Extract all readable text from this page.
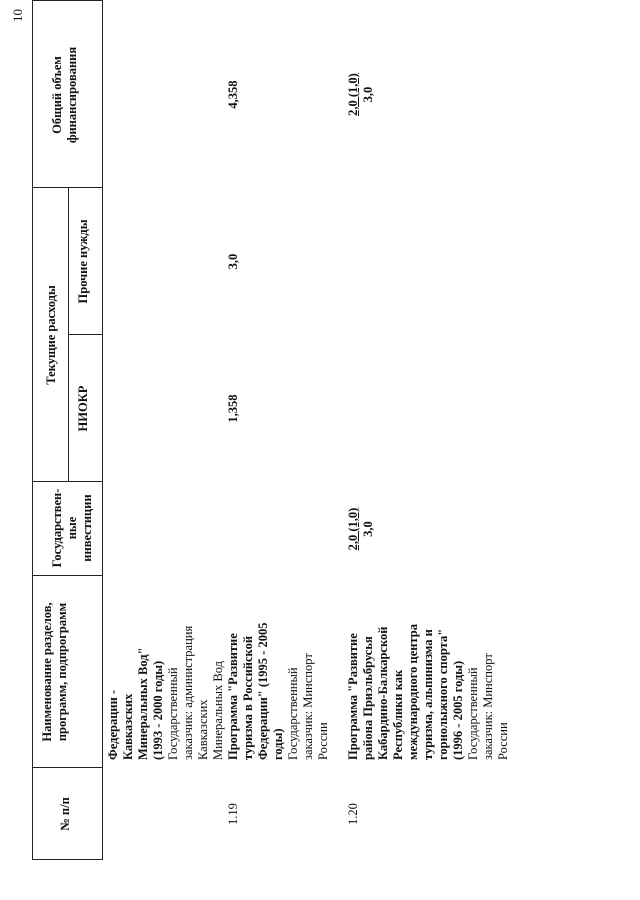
10
№ п/п
Наименование разделов, программ, подпрограмм
Государствен-ные инвестиции
Текущие расходы
НИОКР
Прочие нужды
Общий объем финансирования
Федерации - Кавказских Минеральных Вод" (1993 - 2000 годы) Государственный заказчик: администрация Кавказских Минеральных Вод
1.19
Программа "Развитие туризма в Российской Федерации" (1995 - 2005 годы) Государственный заказчик: Минспорт России
1,358
3,0
4,358
1.20
Программа "Развитие района Приэльбрусья Кабардино-Балкарской Республики как международного центра туризма, альпинизма и горнолыжного спорта" (1996 - 2005 годы) Государственный заказчик: Минспорт России
2,0 (1,0) 3,0
2,0 (1,0) 3,0
